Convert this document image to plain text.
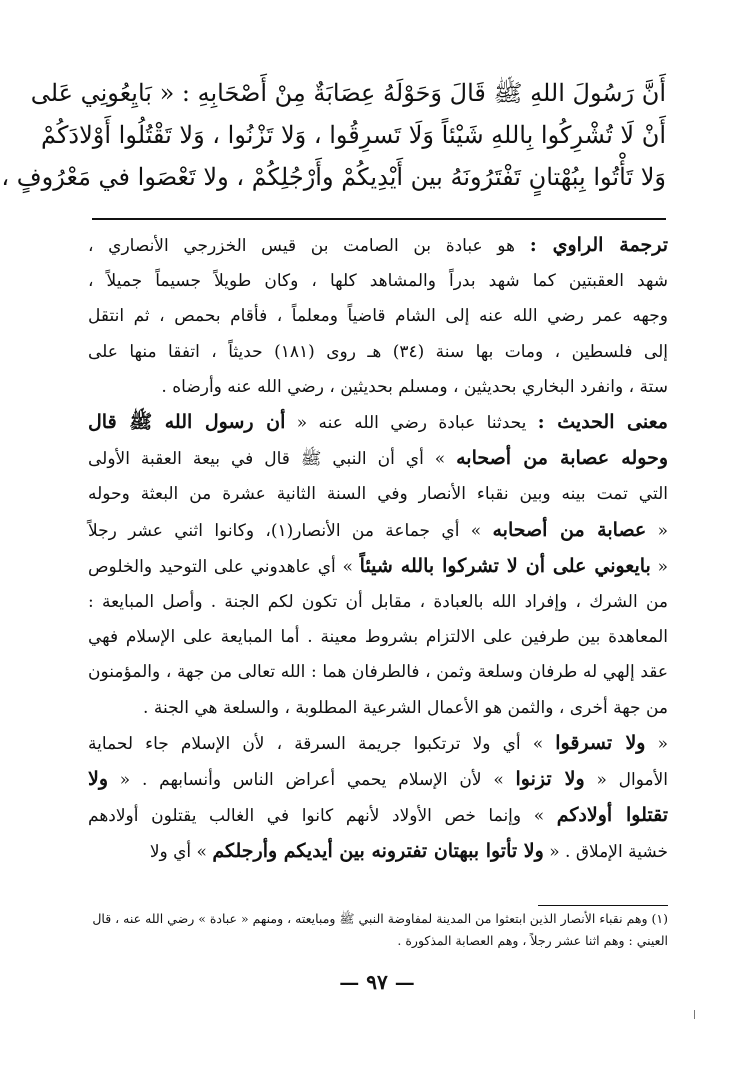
أَنَّ رَسُولَ اللهِ ﷺ قَالَ وَحَوْلَهُ عِصَابَةٌ مِنْ أَصْحَابِهِ : « بَايِعُونِي عَلى
أَنْ لَا تُشْرِكُوا بِاللهِ شَيْئاً وَلَا تَسرِقُوا ، وَلا تَزْنُوا ، وَلا تَقْتُلُوا أَوْلادَكُمْ
وَلا تَأْتُوا بِبُهْتانٍ تَفْتَرُونَهُ بين أَيْدِيكُمْ وأَرْجُلِكُمْ ، ولا تَعْصَوا في مَعْرُوفٍ ،
ترجمة الراوي : هو عبادة بن الصامت بن قيس الخزرجي الأنصاري ،
شهد العقبتين كما شهد بدراً والمشاهد كلها ، وكان طويلاً جسيماً جميلاً ،
وجهه عمر رضي الله عنه إلى الشام قاضياً ومعلماً ، فأقام بحمص ، ثم انتقل
إلى فلسطين ، ومات بها سنة (٣٤) هـ روى (١٨١) حديثاً ، اتفقا منها على
ستة ، وانفرد البخاري بحديثين ، ومسلم بحديثين ، رضي الله عنه وأرضاه .
معنى الحديث : يحدثنا عبادة رضي الله عنه « أن رسول الله ﷺ قال
وحوله عصابة من أصحابه » أي أن النبي ﷺ قال في بيعة العقبة الأولى
التي تمت بينه وبين نقباء الأنصار وفي السنة الثانية عشرة من البعثة وحوله
« عصابة من أصحابه » أي جماعة من الأنصار(١)، وكانوا اثني عشر رجلاً
« بايعوني على أن لا تشركوا بالله شيئاً » أي عاهدوني على التوحيد والخلوص
من الشرك ، وإفراد الله بالعبادة ، مقابل أن تكون لكم الجنة . وأصل المبايعة :
المعاهدة بين طرفين على الالتزام بشروط معينة . أما المبايعة على الإسلام فهي
عقد إلهي له طرفان وسلعة وثمن ، فالطرفان هما : الله تعالى من جهة ، والمؤمنون
من جهة أخرى ، والثمن هو الأعمال الشرعية المطلوبة ، والسلعة هي الجنة .
« ولا تسرقوا » أي ولا ترتكبوا جريمة السرقة ، لأن الإسلام جاء لحماية
الأموال « ولا تزنوا » لأن الإسلام يحمي أعراض الناس وأنسابهم . « ولا
تقتلوا أولادكم » وإنما خص الأولاد لأنهم كانوا في الغالب يقتلون أولادهم
خشية الإملاق . « ولا تأتوا ببهتان تفترونه بين أيديكم وأرجلكم » أي ولا
(١) وهم نقباء الأنصار الذين ابتعثوا من المدينة لمفاوضة النبي ﷺ ومبايعته ، ومنهم « عبادة » رضي الله عنه ، قال
العيني : وهم اثنا عشر رجلاً ، وهم العصابة المذكورة .
— ٩٧ —
